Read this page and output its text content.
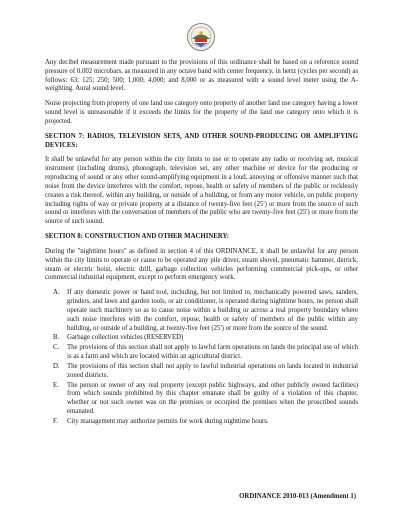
Any decibel measurement made pursuant to the provisions of this ordinance shall be based on a reference sound pressure of 0.002 microbars, as measured in any octave band with center frequency, in hertz (cycles per second) as follows: 63; 125; 250; 500; 1,000; 4,000; and 8,000 or as measured with a sound level meter using the A-weighting. Aural sound level.

Noise projecting from property of one land use category onto property of another land use category having a lower sound level is unreasonable if it exceeds the limits for the property of the land use category onto which it is projected.

SECTION 7: RADIOS, TELEVISION SETS, AND OTHER SOUND-PRODUCING OR AMPLIFYING DEVICES:

It shall be unlawful for any person within the city limits to use or to operate any radio or receiving set, musical instrument (including drums), phonograph, television set, any other machine or device for the producing or reproducing of sound or any other sound-amplifying equipment in a loud, annoying or offensive manner such that noise from the device interferes with the comfort, repose, health or safety of members of the public or recklessly creates a risk thereof, within any building, or outside of a building, or from any motor vehicle, on public property including rights of way or private property at a distance of twenty-five feet (25') or more from the source of such sound or interferes with the conversation of members of the public who are twenty-five feet (25') or more from the source of such sound.

SECTION 8: CONSTRUCTION AND OTHER MACHINERY:

During the "nighttime hours" as defined in section 4 of this ORDINANCE, it shall be unlawful for any person within the city limits to operate or cause to be operated any pile driver, steam shovel, pneumatic hammer, derrick, steam or electric hoist, electric drill, garbage collection vehicles performing commercial pick-ups, or other commercial industrial equipment, except to perform emergency work.

A. If any domestic power or hand tool, including, but not limited to, mechanically powered saws, sanders, grinders, and lawn and garden tools, or air conditioner, is operated during nighttime hours, no person shall operate such machinery so as to cause noise within a building or across a real property boundary where such noise interferes with the comfort, repose, health or safety of members of the public within any building, or outside of a building, at twenty-five feet (25') or more from the source of the sound.
B. Garbage collection vehicles (RESERVED)
C. The provisions of this section shall not apply to lawful farm operations on lands the principal use of which is as a farm and which are located within an agricultural district.
D. The provisions of this section shall not apply to lawful industrial operations on lands located in industrial zoned districts.
E. The person or owner of any real property (except public highways, and other publicly owned facilities) from which sounds prohibited by this chapter emanate shall be guilty of a violation of this chapter, whether or not such owner was on the premises or occupied the premises when the proscribed sounds emanated.
F. City management may authorize permits for work during nighttime hours.
ORDINANCE 2010-013 (Amendment 1)
